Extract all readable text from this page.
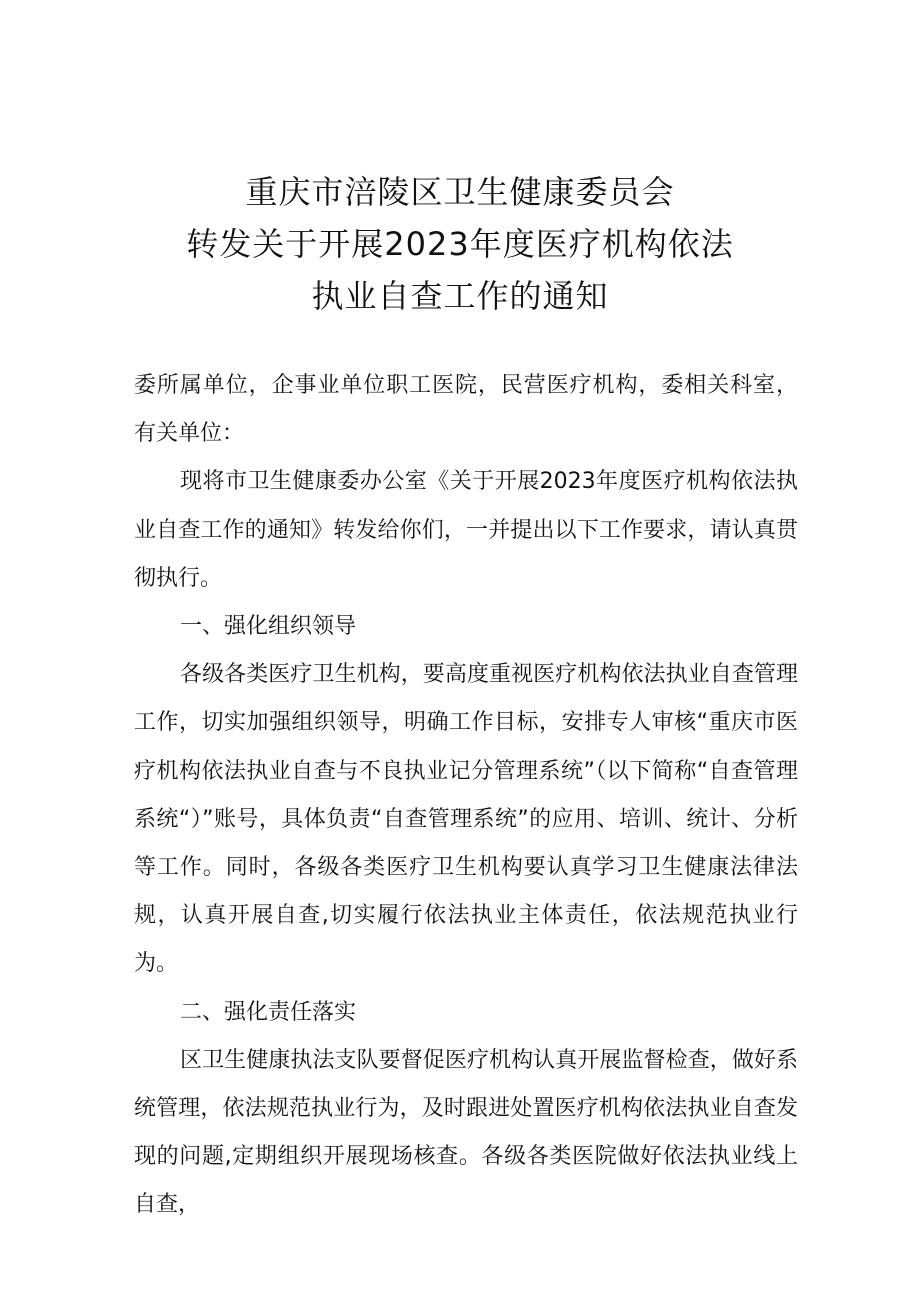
重庆市涪陵区卫生健康委员会
转发关于开展2023年度医疗机构依法
执业自查工作的通知

委所属单位，企事业单位职工医院，民营医疗机构，委相关科室， 有关单位：

现将市卫生健康委办公室《关于开展2023年度医疗机构依法执业自查工作的通知》转发给你们，一并提出以下工作要求，请认真贯彻执行。

一、强化组织领导

各级各类医疗卫生机构，要高度重视医疗机构依法执业自查管理工作，切实加强组织领导，明确工作目标，安排专人审核“重庆市医疗机构依法执业自查与不良执业记分管理系统”（以下简称“自查管理系统“）”账号，具体负责“自查管理系统”的应用、培训、统计、分析等工作。同时，各级各类医疗卫生机构要认真学习卫生健康法律法规，认真开展自查,切实履行依法执业主体责任，依法规范执业行为。

二、强化责任落实

区卫生健康执法支队要督促医疗机构认真开展监督检查，做好系统管理，依法规范执业行为，及时跟进处置医疗机构依法执业自查发现的问题,定期组织开展现场核查。各级各类医院做好依法执业线上自查，
